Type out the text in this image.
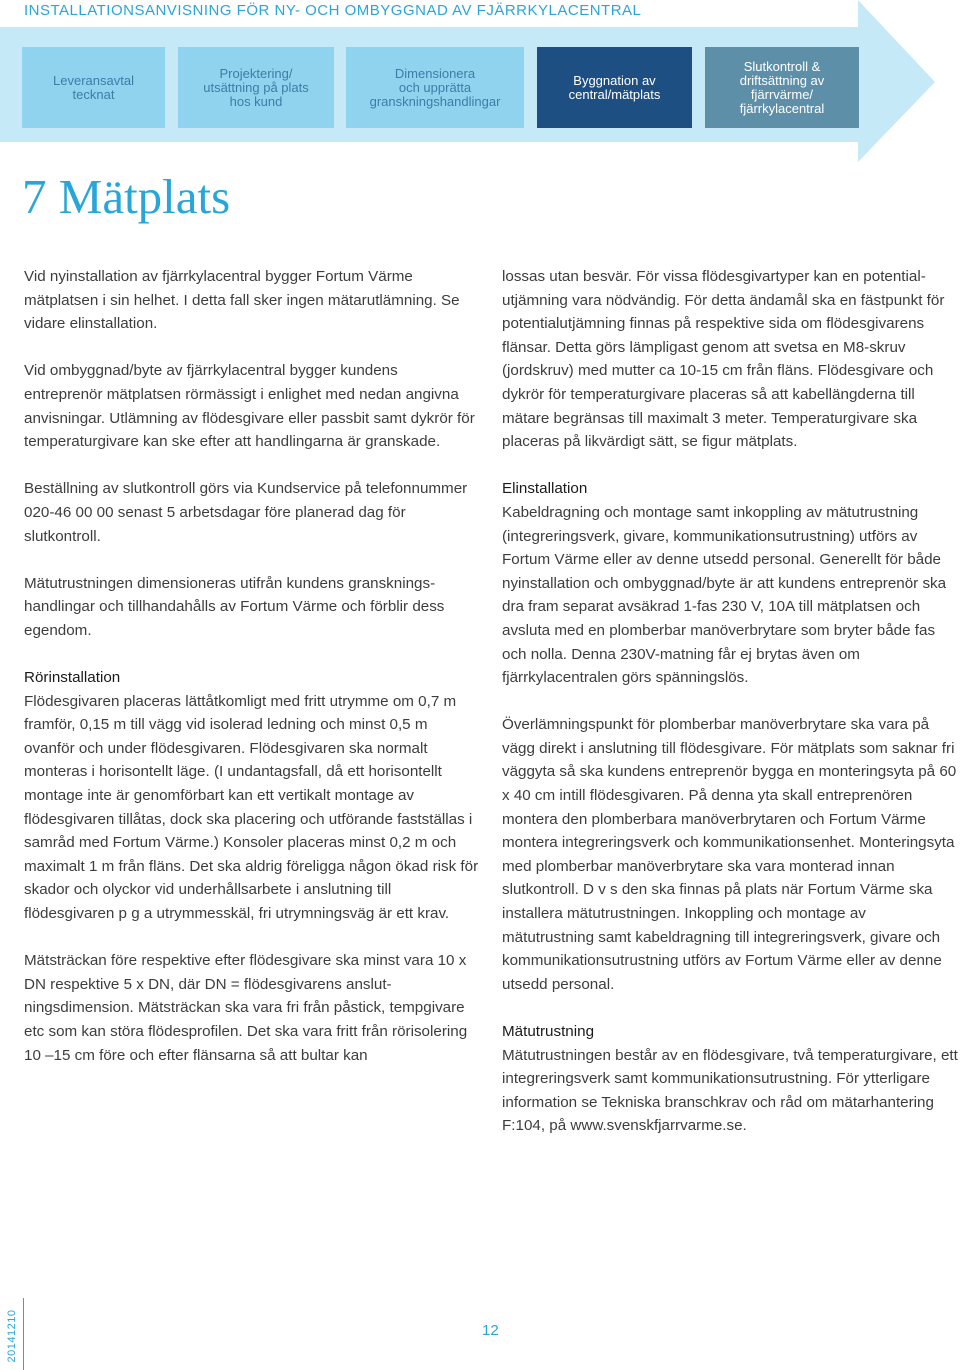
INSTALLATIONSANVISNING FÖR NY- OCH OMBYGGNAD AV FJÄRRKYLACENTRAL
Leveransavtal
tecknat
Projektering/
utsättning på plats
hos kund
Dimensionera
och upprätta
granskningshandlingar
Byggnation av
central/mätplats
Slutkontroll &
driftsättning av
fjärrvärme/
fjärrkylacentral
7 Mätplats

Vid nyinstallation av fjärrkylacentral bygger Fortum Värme mätplatsen i sin helhet. I detta fall sker ingen mätarutlämning. Se vidare elinstallation.

Vid ombyggnad/byte av fjärrkylacentral bygger kundens entreprenör mätplatsen rörmässigt i enlighet med nedan angivna anvisningar. Utlämning av flödesgivare eller passbit samt dykrör för temperaturgivare kan ske efter att handlingarna är granskade.

Beställning av slutkontroll görs via Kundservice på telefonnummer 020-46 00 00 senast 5 arbetsdagar före planerad dag för slutkontroll.

Mätutrustningen dimensioneras utifrån kundens granskningshandlingar och tillhandahålls av Fortum Värme och förblir dess egendom.

Rörinstallation

Flödesgivaren placeras lättåtkomligt med fritt utrymme om 0,7 m framför, 0,15 m till vägg vid isolerad ledning och minst 0,5 m ovanför och under flödesgivaren. Flödesgivaren ska normalt monteras i horisontellt läge. (I undantagsfall, då ett horisontellt montage inte är genomförbart kan ett vertikalt montage av flödesgivaren tillåtas, dock ska placering och utförande fastställas i samråd med Fortum Värme.) Konsoler placeras minst 0,2 m och maximalt 1 m från fläns. Det ska aldrig föreligga någon ökad risk för skador och olyckor vid underhållsarbete i anslutning till flödesgivaren p g a utrymmesskäl, fri utrymningsväg är ett krav.

Mätsträckan före respektive efter flödesgivare ska minst vara 10 x DN respektive 5 x DN, där DN = flödesgivarens anslutningsdimension. Mätsträckan ska vara fri från påstick, tempgivare etc som kan störa flödesprofilen. Det ska vara fritt från rörisolering 10 –15 cm före och efter flänsarna så att bultar kan

lossas utan besvär. För vissa flödesgivartyper kan en potentialutjämning vara nödvändig. För detta ändamål ska en fästpunkt för potentialutjämning finnas på respektive sida om flödesgivarens flänsar. Detta görs lämpligast genom att svetsa en M8-skruv (jordskruv) med mutter ca 10-15 cm från fläns. Flödesgivare och dykrör för temperaturgivare placeras så att kabellängderna till mätare begränsas till maximalt 3 meter. Temperaturgivare ska placeras på likvärdigt sätt, se figur mätplats.

Elinstallation

Kabeldragning och montage samt inkoppling av mätutrustning (integreringsverk, givare, kommunikationsutrustning) utförs av Fortum Värme eller av denne utsedd personal. Generellt för både nyinstallation och ombyggnad/byte är att kundens entreprenör ska dra fram separat avsäkrad 1-fas 230 V, 10A till mätplatsen och avsluta med en plomberbar manöverbrytare som bryter både fas och nolla. Denna 230V-matning får ej brytas även om fjärrkylacentralen görs spänningslös.

Överlämningspunkt för plomberbar manöverbrytare ska vara på vägg direkt i anslutning till flödesgivare. För mätplats som saknar fri väggyta så ska kundens entreprenör bygga en monteringsyta på 60 x 40 cm intill flödesgivaren. På denna yta skall entreprenören montera den plomberbara manöverbrytaren och Fortum Värme montera integreringsverk och kommunikationsenhet. Monteringsyta med plomberbar manöverbrytare ska vara monterad innan slutkontroll. D v s den ska finnas på plats när Fortum Värme ska installera mätutrustningen. Inkoppling och montage av mätutrustning samt kabeldragning till integreringsverk, givare och kommunikationsutrustning utförs av Fortum Värme eller av denne utsedd personal.

Mätutrustning

Mätutrustningen består av en flödesgivare, två temperaturgivare, ett integreringsverk samt kommunikationsutrustning. För ytterligare information se Tekniska branschkrav och råd om mätarhantering F:104, på www.svenskfjarrvarme.se.

20141210	12
